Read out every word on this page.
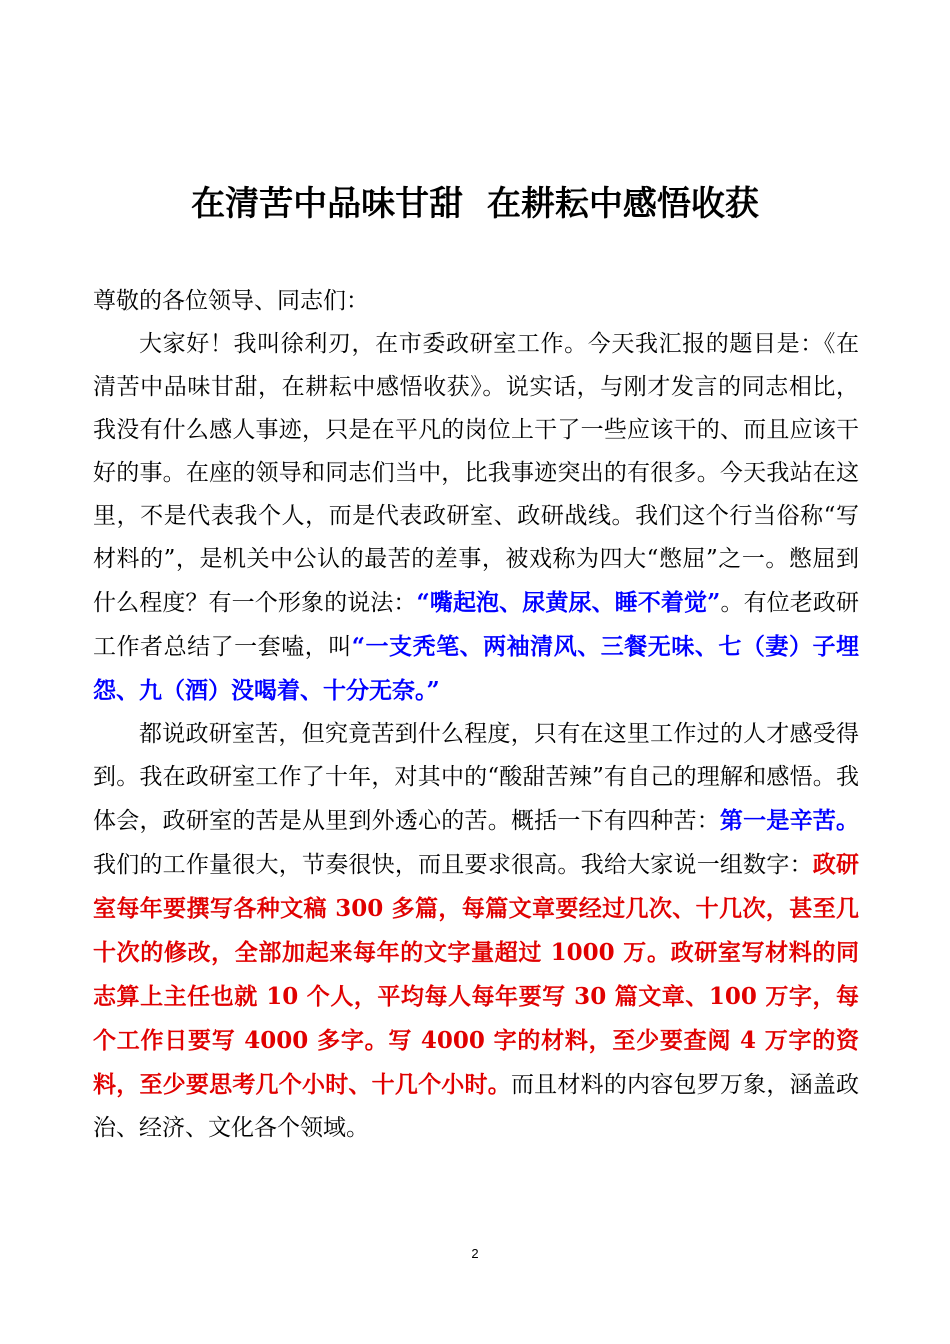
在清苦中品味甘甜  在耕耘中感悟收获

尊敬的各位领导、同志们：

大家好！我叫徐利刃，在市委政研室工作。今天我汇报的题目是：《在清苦中品味甘甜，在耕耘中感悟收获》。说实话，与刚才发言的同志相比，我没有什么感人事迹，只是在平凡的岗位上干了一些应该干的、而且应该干好的事。在座的领导和同志们当中，比我事迹突出的有很多。今天我站在这里，不是代表我个人，而是代表政研室、政研战线。我们这个行当俗称“写材料的”，是机关中公认的最苦的差事，被戏称为四大“憋屈”之一。憋屈到什么程度？有一个形象的说法：“嘴起泡、尿黄尿、睡不着觉”。有位老政研工作者总结了一套嗑，叫“一支秃笔、两袖清风、三餐无味、七（妻）子埋怨、九（酒）没喝着、十分无奈。”

都说政研室苦，但究竟苦到什么程度，只有在这里工作过的人才感受得到。我在政研室工作了十年，对其中的“酸甜苦辣”有自己的理解和感悟。我体会，政研室的苦是从里到外透心的苦。概括一下有四种苦：第一是辛苦。我们的工作量很大，节奏很快，而且要求很高。我给大家说一组数字：政研室每年要撰写各种文稿 300 多篇，每篇文章要经过几次、十几次，甚至几十次的修改，全部加起来每年的文字量超过 1000 万。政研室写材料的同志算上主任也就 10 个人，平均每人每年要写 30 篇文章、100 万字，每个工作日要写 4000 多字。写 4000 字的材料，至少要查阅 4 万字的资料，至少要思考几个小时、十几个小时。而且材料的内容包罗万象，涵盖政治、经济、文化各个领域。

2
